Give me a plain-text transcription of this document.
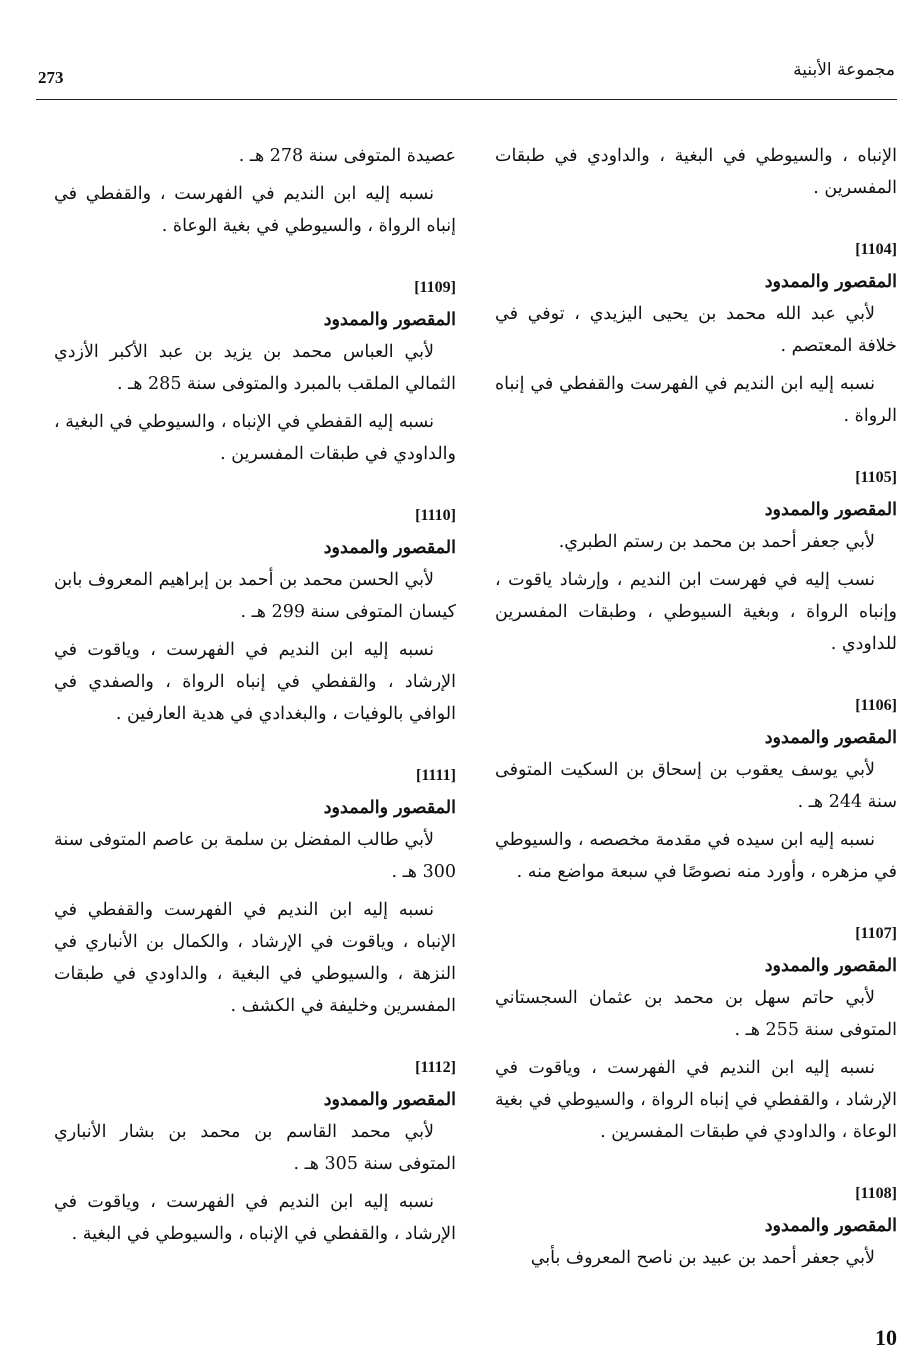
مجموعة الأبنية
273

الإنباه ، والسيوطي في البغية ، والداودي في طبقات المفسرين .

[1104]
المقصور والممدود

لأبي عبد الله محمد بن يحيى اليزيدي ، توفي في خلافة المعتصم .

نسبه إليه ابن النديم في الفهرست والقفطي في إنباه الرواة .

[1105]
المقصور والممدود

لأبي جعفر أحمد بن محمد بن رستم الطبري.

نسب إليه في فهرست ابن النديم ، وإرشاد ياقوت ، وإنباه الرواة ، وبغية السيوطي ، وطبقات المفسرين للداودي .

[1106]
المقصور والممدود

لأبي يوسف يعقوب بن إسحاق بن السكيت المتوفى سنة 244 هـ .

نسبه إليه ابن سيده في مقدمة مخصصه ، والسيوطي في مزهره ، وأورد منه نصوصًا في سبعة مواضع منه .

[1107]
المقصور والممدود

لأبي حاتم سهل بن محمد بن عثمان السجستاني المتوفى سنة 255 هـ .

نسبه إليه ابن النديم في الفهرست ، وياقوت في الإرشاد ، والقفطي في إنباه الرواة ، والسيوطي في بغية الوعاة ، والداودي في طبقات المفسرين .

[1108]
المقصور والممدود

لأبي جعفر أحمد بن عبيد بن ناصح المعروف بأبي

عصيدة المتوفى سنة 278 هـ .

نسبه إليه ابن النديم في الفهرست ، والقفطي في إنباه الرواة ، والسيوطي في بغية الوعاة .

[1109]
المقصور والممدود

لأبي العباس محمد بن يزيد بن عبد الأكبر الأزدي الثمالي الملقب بالمبرد والمتوفى سنة 285 هـ .

نسبه إليه القفطي في الإنباه ، والسيوطي في البغية ، والداودي في طبقات المفسرين .

[1110]
المقصور والممدود

لأبي الحسن محمد بن أحمد بن إبراهيم المعروف بابن كيسان المتوفى سنة 299 هـ .

نسبه إليه ابن النديم في الفهرست ، وياقوت في الإرشاد ، والقفطي في إنباه الرواة ، والصفدي في الوافي بالوفيات ، والبغدادي في هدية العارفين .

[1111]
المقصور والممدود

لأبي طالب المفضل بن سلمة بن عاصم المتوفى سنة 300 هـ .

نسبه إليه ابن النديم في الفهرست والقفطي في الإنباه ، وياقوت في الإرشاد ، والكمال بن الأنباري في النزهة ، والسيوطي في البغية ، والداودي في طبقات المفسرين وخليفة في الكشف .

[1112]
المقصور والممدود

لأبي محمد القاسم بن محمد بن بشار الأنباري المتوفى سنة 305 هـ .

نسبه إليه ابن النديم في الفهرست ، وياقوت في الإرشاد ، والقفطي في الإنباه ، والسيوطي في البغية .

10
